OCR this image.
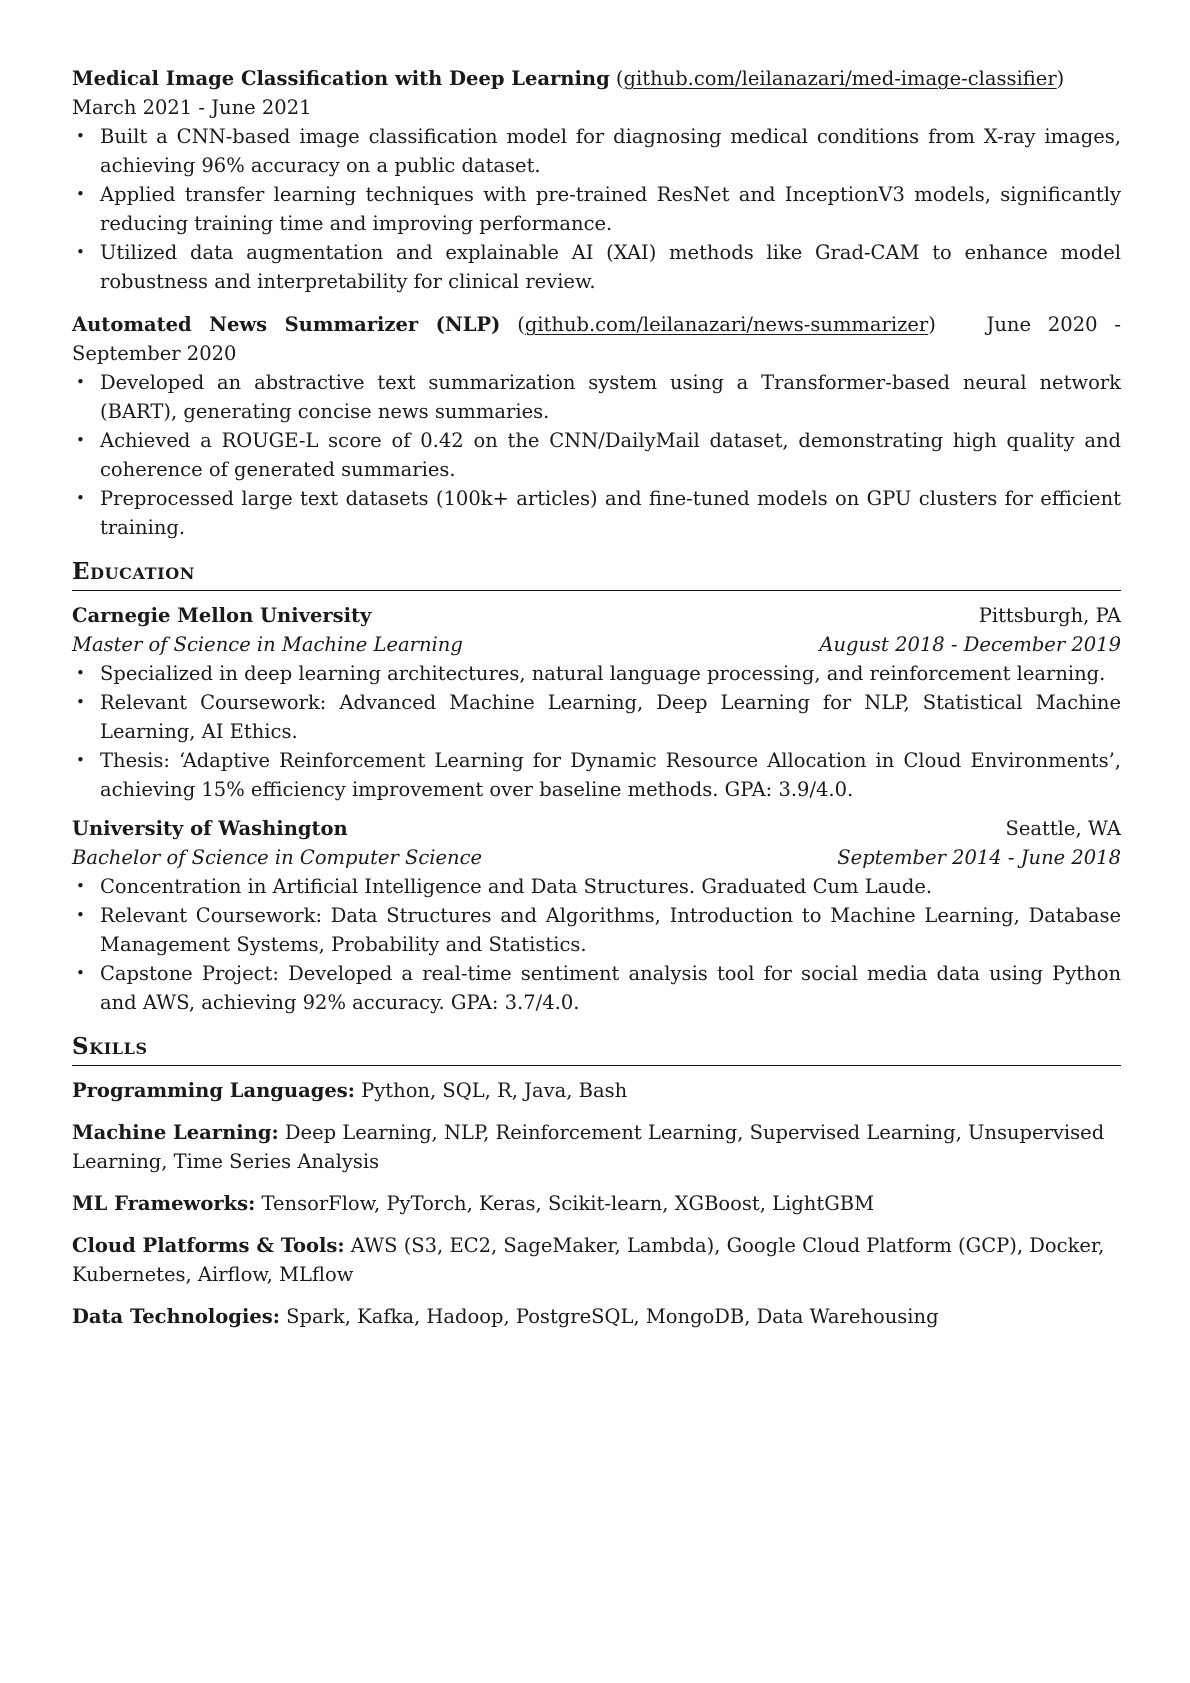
Medical Image Classification with Deep Learning (github.com/leilanazari/med-image-classifier)
March 2021 - June 2021
• Built a CNN-based image classification model for diagnosing medical conditions from X-ray images, achieving 96% accuracy on a public dataset.
• Applied transfer learning techniques with pre-trained ResNet and InceptionV3 models, significantly reducing training time and improving performance.
• Utilized data augmentation and explainable AI (XAI) methods like Grad-CAM to enhance model robustness and interpretability for clinical review.
Automated News Summarizer (NLP) (github.com/leilanazari/news-summarizer)   June 2020 - September 2020
• Developed an abstractive text summarization system using a Transformer-based neural network (BART), generating concise news summaries.
• Achieved a ROUGE-L score of 0.42 on the CNN/DailyMail dataset, demonstrating high quality and coherence of generated summaries.
• Preprocessed large text datasets (100k+ articles) and fine-tuned models on GPU clusters for efficient training.
Education
Carnegie Mellon University	Pittsburgh, PA
Master of Science in Machine Learning	August 2018 - December 2019
• Specialized in deep learning architectures, natural language processing, and reinforcement learning.
• Relevant Coursework: Advanced Machine Learning, Deep Learning for NLP, Statistical Machine Learning, AI Ethics.
• Thesis: ‘Adaptive Reinforcement Learning for Dynamic Resource Allocation in Cloud Environments’, achieving 15% efficiency improvement over baseline methods. GPA: 3.9/4.0.
University of Washington	Seattle, WA
Bachelor of Science in Computer Science	September 2014 - June 2018
• Concentration in Artificial Intelligence and Data Structures. Graduated Cum Laude.
• Relevant Coursework: Data Structures and Algorithms, Introduction to Machine Learning, Database Management Systems, Probability and Statistics.
• Capstone Project: Developed a real-time sentiment analysis tool for social media data using Python and AWS, achieving 92% accuracy. GPA: 3.7/4.0.
Skills
Programming Languages: Python, SQL, R, Java, Bash
Machine Learning: Deep Learning, NLP, Reinforcement Learning, Supervised Learning, Unsupervised Learning, Time Series Analysis
ML Frameworks: TensorFlow, PyTorch, Keras, Scikit-learn, XGBoost, LightGBM
Cloud Platforms & Tools: AWS (S3, EC2, SageMaker, Lambda), Google Cloud Platform (GCP), Docker, Kubernetes, Airflow, MLflow
Data Technologies: Spark, Kafka, Hadoop, PostgreSQL, MongoDB, Data Warehousing
